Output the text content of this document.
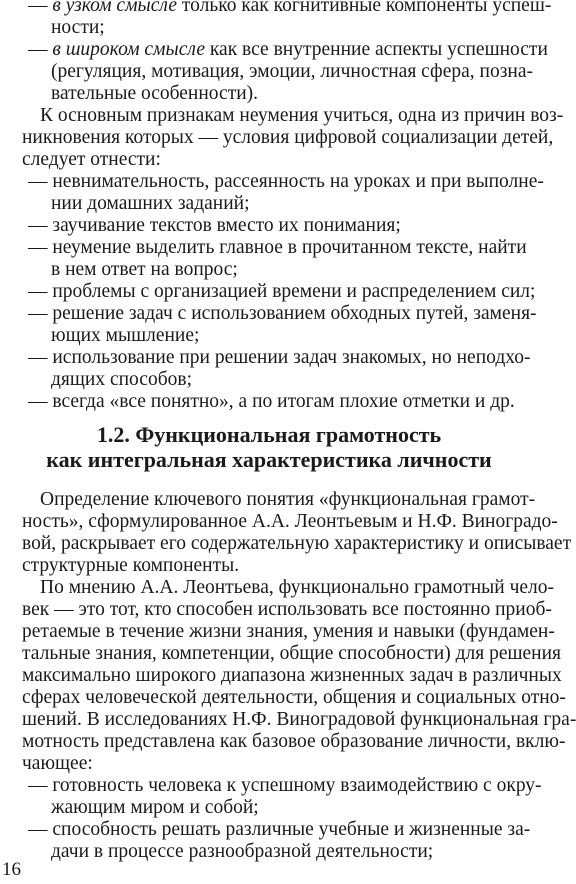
— в узком смысле только как когнитивные компоненты успеш-
ности;
— в широком смысле как все внутренние аспекты успешности
(регуляция, мотивация, эмоции, личностная сфера, позна-
вательные особенности).
К основным признакам неумения учиться, одна из причин воз-
никновения которых — условия цифровой социализации детей,
следует отнести:
— невнимательность, рассеянность на уроках и при выполне-
нии домашних заданий;
— заучивание текстов вместо их понимания;
— неумение выделить главное в прочитанном тексте, найти
в нем ответ на вопрос;
— проблемы с организацией времени и распределением сил;
— решение задач с использованием обходных путей, заменя-
ющих мышление;
— использование при решении задач знакомых, но неподхо-
дящих способов;
— всегда «все понятно», а по итогам плохие отметки и др.
1.2. Функциональная грамотность
как интегральная характеристика личности
Определение ключевого понятия «функциональная грамот-
ность», сформулированное А.А. Леонтьевым и Н.Ф. Виноградо-
вой, раскрывает его содержательную характеристику и описывает
структурные компоненты.
По мнению А.А. Леонтьева, функционально грамотный чело-
век — это тот, кто способен использовать все постоянно приоб-
ретаемые в течение жизни знания, умения и навыки (фундамен-
тальные знания, компетенции, общие способности) для решения
максимально широкого диапазона жизненных задач в различных
сферах человеческой деятельности, общения и социальных отно-
шений. В исследованиях Н.Ф. Виноградовой функциональная гра-
мотность представлена как базовое образование личности, вклю-
чающее:
— готовность человека к успешному взаимодействию с окру-
жающим миром и собой;
— способность решать различные учебные и жизненные за-
дачи в процессе разнообразной деятельности;
16
